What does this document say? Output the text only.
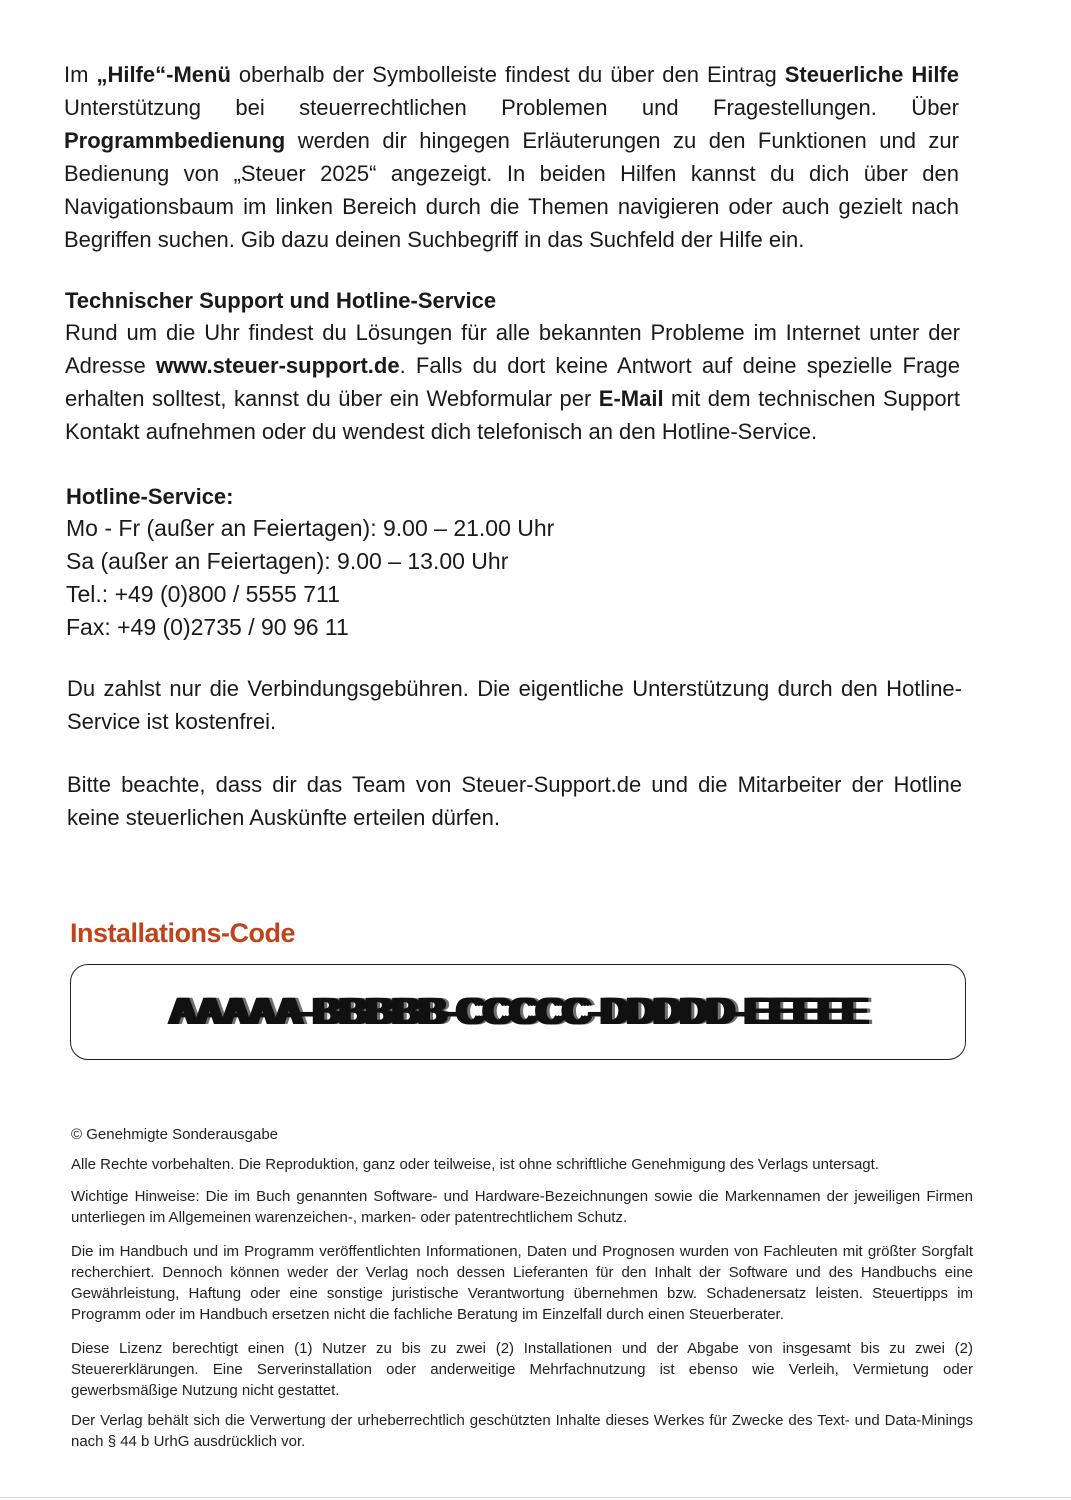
Im „Hilfe“-Menü oberhalb der Symbolleiste findest du über den Eintrag Steuerliche Hilfe Unterstützung bei steuerrechtlichen Problemen und Fragestellungen. Über Programmbedienung werden dir hingegen Erläuterungen zu den Funktionen und zur Bedienung von „Steuer 2025“ angezeigt. In beiden Hilfen kannst du dich über den Navigationsbaum im linken Bereich durch die Themen navigieren oder auch gezielt nach Begriffen suchen. Gib dazu deinen Suchbegriff in das Suchfeld der Hilfe ein.
Technischer Support und Hotline-Service
Rund um die Uhr findest du Lösungen für alle bekannten Probleme im Internet unter der Adresse www.steuer-support.de. Falls du dort keine Antwort auf deine spezielle Frage erhalten solltest, kannst du über ein Webformular per E-Mail mit dem technischen Support Kontakt aufnehmen oder du wendest dich telefonisch an den Hotline-Service.
Hotline-Service:
Mo - Fr (außer an Feiertagen): 9.00 – 21.00 Uhr
Sa (außer an Feiertagen): 9.00 – 13.00 Uhr
Tel.: +49 (0)800 / 5555 711
Fax: +49 (0)2735 / 90 96 11
Du zahlst nur die Verbindungsgebühren. Die eigentliche Unterstützung durch den Hotline-Service ist kostenfrei.
Bitte beachte, dass dir das Team von Steuer-Support.de und die Mitarbeiter der Hotline keine steuerlichen Auskünfte erteilen dürfen.
Installations-Code
AAAAA-BBBBB-CCCCC-DDDDD-EEEEE
© Genehmigte Sonderausgabe
Alle Rechte vorbehalten. Die Reproduktion, ganz oder teilweise, ist ohne schriftliche Genehmigung des Verlags untersagt.
Wichtige Hinweise: Die im Buch genannten Software- und Hardware-Bezeichnungen sowie die Markennamen der jeweiligen Firmen unterliegen im Allgemeinen warenzeichen-, marken- oder patentrechtlichem Schutz.
Die im Handbuch und im Programm veröffentlichten Informationen, Daten und Prognosen wurden von Fachleuten mit größter Sorgfalt recherchiert. Dennoch können weder der Verlag noch dessen Lieferanten für den Inhalt der Software und des Handbuchs eine Gewährleistung, Haftung oder eine sonstige juristische Verantwortung übernehmen bzw. Schadenersatz leisten. Steuertipps im Programm oder im Handbuch ersetzen nicht die fachliche Beratung im Einzelfall durch einen Steuerberater.
Diese Lizenz berechtigt einen (1) Nutzer zu bis zu zwei (2) Installationen und der Abgabe von insgesamt bis zu zwei (2) Steuererklärungen. Eine Serverinstallation oder anderweitige Mehrfachnutzung ist ebenso wie Verleih, Vermietung oder gewerbsmäßige Nutzung nicht gestattet.
Der Verlag behält sich die Verwertung der urheberrechtlich geschützten Inhalte dieses Werkes für Zwecke des Text- und Data-Minings nach § 44 b UrhG ausdrücklich vor.
